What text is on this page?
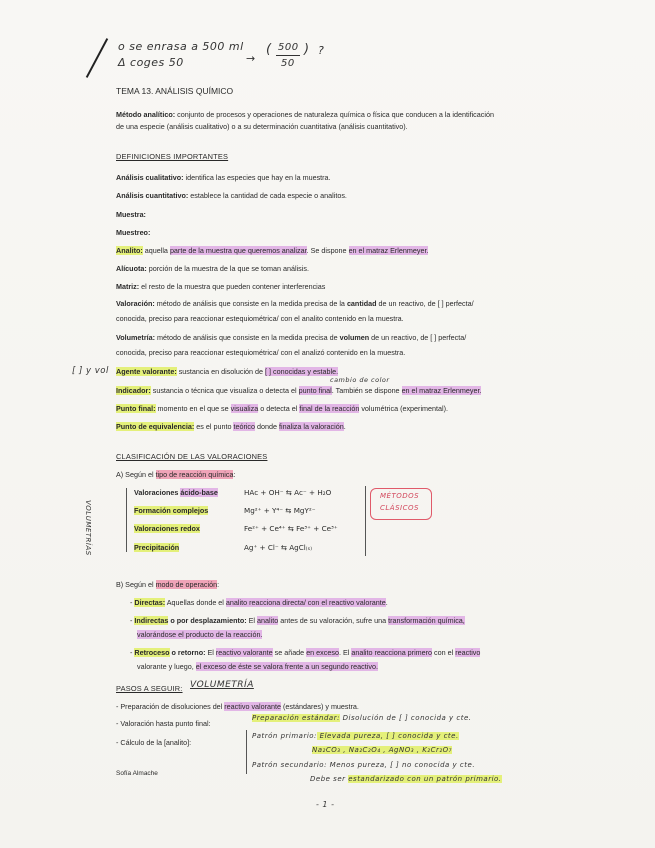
o se enrasa a 500 ml
Δ coges 50	→
( 500
50
) ?
TEMA 13. ANÁLISIS QUÍMICO
Método analítico: conjunto de procesos y operaciones de naturaleza química o física que conducen a la identificación
de una especie (análisis cualitativo) o a su determinación cuantitativa (análisis cuantitativo).
DEFINICIONES IMPORTANTES
Análisis cualitativo: identifica las especies que hay en la muestra.
Análisis cuantitativo: establece la cantidad de cada especie o analitos.
Muestra:
Muestreo:
Analito: aquella parte de la muestra que queremos analizar. Se dispone en el matraz Erlenmeyer.
Alícuota: porción de la muestra de la que se toman análisis.
Matriz: el resto de la muestra que pueden contener interferencias
Valoración: método de análisis que consiste en la medida precisa de la cantidad de un reactivo, de [ ] perfecta/
conocida, preciso para reaccionar estequiométrica/ con el analito contenido en la muestra.
Volumetría: método de análisis que consiste en la medida precisa de volumen de un reactivo, de [ ] perfecta/
conocida, preciso para reaccionar estequiométrica/ con el analizó contenido en la muestra.
[ ] y vol Agente valorante: sustancia en disolución de [ ] conocidas y estable.
cambio de color
Indicador: sustancia o técnica que visualiza o detecta el punto final. También se dispone en el matraz Erlenmeyer.
Punto final: momento en el que se visualiza o detecta el final de la reacción volumétrica (experimental).
Punto de equivalencia: es el punto teórico donde finaliza la valoración.
CLASIFICACIÓN DE LAS VALORACIONES
A) Según el tipo de reacción química:
VOLUMETRÍAS
Valoraciones ácido-base	HAc + OH⁻ ⇆ Ac⁻ + H₂O
Formación complejos	Mg²⁺ + Y⁴⁻ ⇆ MgY²⁻
Valoraciones redox	Fe²⁺ + Ce⁴⁺ ⇆ Fe³⁺ + Ce³⁺
Precipitación	Ag⁺ + Cl⁻ ⇆ AgCl₍ₛ₎
MÉTODOS
CLÁSICOS
B) Según el modo de operación:
- Directas: Aquellas donde el analito reacciona directa/ con el reactivo valorante.
- Indirectas o por desplazamiento: El analito antes de su valoración, sufre una transformación química,
valorándose el producto de la reacción.
- Retroceso o retorno: El reactivo valorante se añade en exceso. El analito reacciona primero con el reactivo
valorante y luego, el exceso de éste se valora frente a un segundo reactivo.
PASOS A SEGUIR: VOLUMETRÍA
- Preparación de disoluciones del reactivo valorante (estándares) y muestra.
- Valoración hasta punto final:
- Cálculo de la [analito]:
Preparación estándar: Disolución de [ ] conocida y cte.
Patrón primario: Elevada pureza, [ ] conocida y cte.
Na₂CO₃ , Na₂C₂O₄ , AgNO₃ , K₂Cr₂O₇
Patrón secundario: Menos pureza, [ ] no conocida y cte.
Debe ser estandarizado con un patrón primario.
Sofía Almache
- 1 -
